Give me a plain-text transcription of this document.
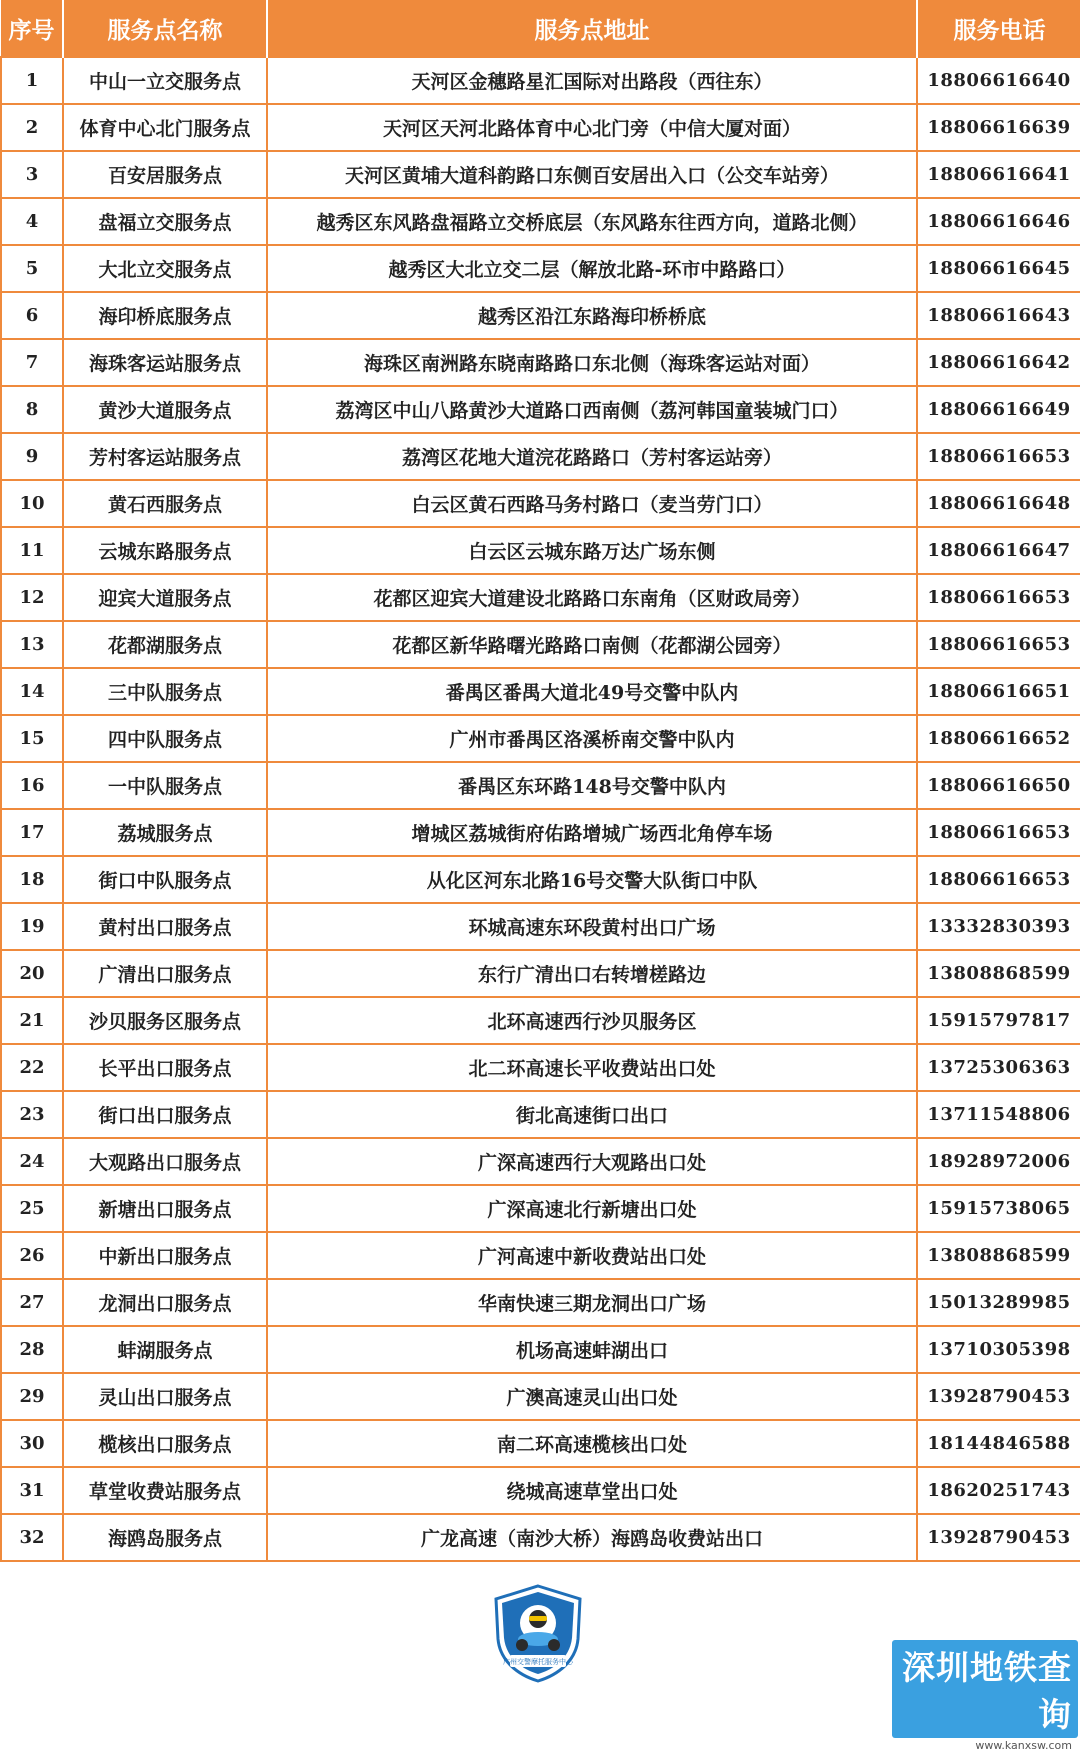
序号	服务点名称	服务点地址	服务电话
1	中山一立交服务点	天河区金穗路星汇国际对出路段（西往东）	18806616640
2	体育中心北门服务点	天河区天河北路体育中心北门旁（中信大厦对面）	18806616639
3	百安居服务点	天河区黄埔大道科韵路口东侧百安居出入口（公交车站旁）	18806616641
4	盘福立交服务点	越秀区东风路盘福路立交桥底层（东风路东往西方向，道路北侧）	18806616646
5	大北立交服务点	越秀区大北立交二层（解放北路-环市中路路口）	18806616645
6	海印桥底服务点	越秀区沿江东路海印桥桥底	18806616643
7	海珠客运站服务点	海珠区南洲路东晓南路路口东北侧（海珠客运站对面）	18806616642
8	黄沙大道服务点	荔湾区中山八路黄沙大道路口西南侧（荔河韩国童装城门口）	18806616649
9	芳村客运站服务点	荔湾区花地大道浣花路路口（芳村客运站旁）	18806616653
10	黄石西服务点	白云区黄石西路马务村路口（麦当劳门口）	18806616648
11	云城东路服务点	白云区云城东路万达广场东侧	18806616647
12	迎宾大道服务点	花都区迎宾大道建设北路路口东南角（区财政局旁）	18806616653
13	花都湖服务点	花都区新华路曙光路路口南侧（花都湖公园旁）	18806616653
14	三中队服务点	番禺区番禺大道北49号交警中队内	18806616651
15	四中队服务点	广州市番禺区洛溪桥南交警中队内	18806616652
16	一中队服务点	番禺区东环路148号交警中队内	18806616650
17	荔城服务点	增城区荔城街府佑路增城广场西北角停车场	18806616653
18	街口中队服务点	从化区河东北路16号交警大队街口中队	18806616653
19	黄村出口服务点	环城高速东环段黄村出口广场	13332830393
20	广清出口服务点	东行广清出口右转增槎路边	13808868599
21	沙贝服务区服务点	北环高速西行沙贝服务区	15915797817
22	长平出口服务点	北二环高速长平收费站出口处	13725306363
23	街口出口服务点	街北高速街口出口	13711548806
24	大观路出口服务点	广深高速西行大观路出口处	18928972006
25	新塘出口服务点	广深高速北行新塘出口处	15915738065
26	中新出口服务点	广河高速中新收费站出口处	13808868599
27	龙洞出口服务点	华南快速三期龙洞出口广场	15013289985
28	蚌湖服务点	机场高速蚌湖出口	13710305398
29	灵山出口服务点	广澳高速灵山出口处	13928790453
30	榄核出口服务点	南二环高速榄核出口处	18144846588
31	草堂收费站服务点	绕城高速草堂出口处	18620251743
32	海鸥岛服务点	广龙高速（南沙大桥）海鸥岛收费站出口	13928790453
广州交警摩托服务中心	深圳地铁查询
www.kanxsw.com
